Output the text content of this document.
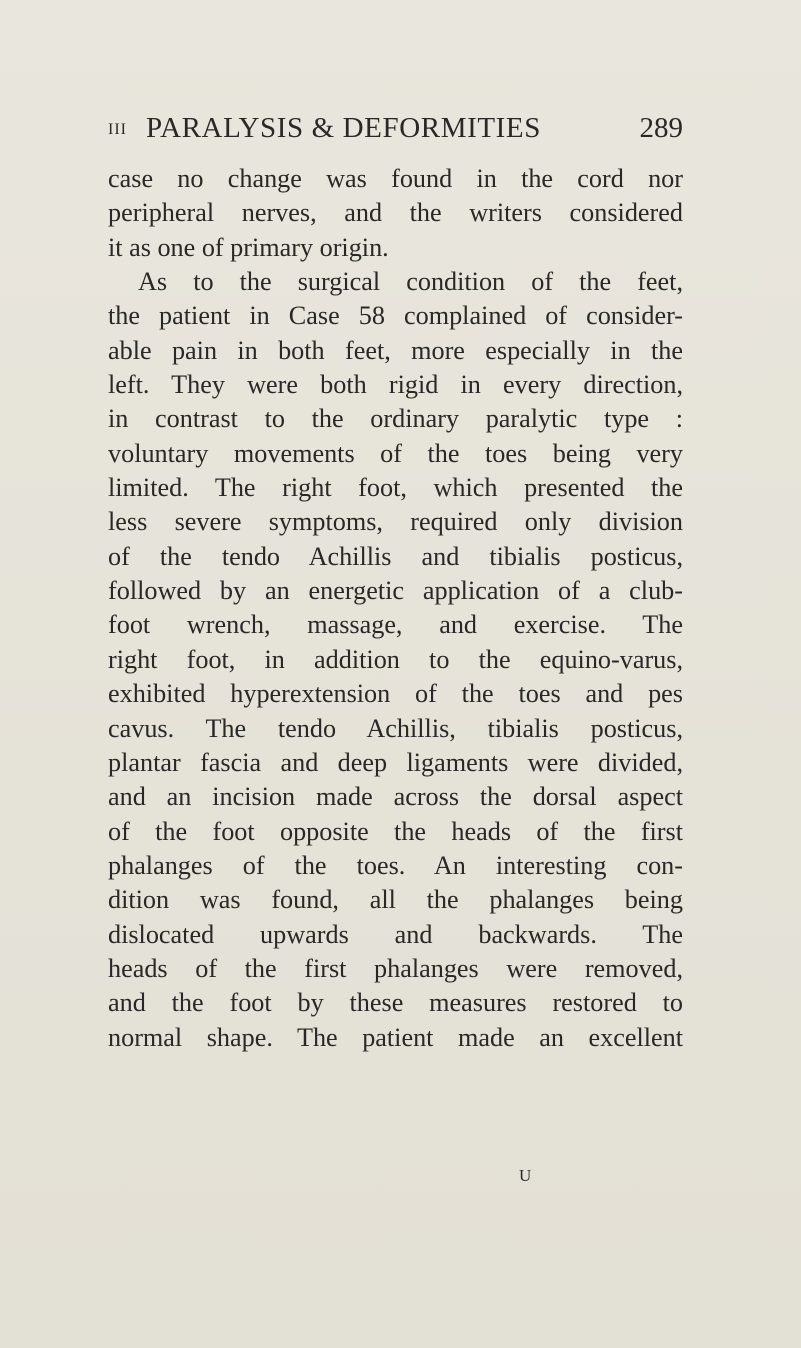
III PARALYSIS & DEFORMITIES	289
case no change was found in the cord nor
peripheral nerves, and the writers considered
it as one of primary origin.
As to the surgical condition of the feet,
the patient in Case 58 complained of consider-
able pain in both feet, more especially in the
left. They were both rigid in every direction,
in contrast to the ordinary paralytic type :
voluntary movements of the toes being very
limited. The right foot, which presented the
less severe symptoms, required only division
of the tendo Achillis and tibialis posticus,
followed by an energetic application of a club-
foot wrench, massage, and exercise. The
right foot, in addition to the equino-varus,
exhibited hyperextension of the toes and pes
cavus. The tendo Achillis, tibialis posticus,
plantar fascia and deep ligaments were divided,
and an incision made across the dorsal aspect
of the foot opposite the heads of the first
phalanges of the toes. An interesting con-
dition was found, all the phalanges being
dislocated upwards and backwards. The
heads of the first phalanges were removed,
and the foot by these measures restored to
normal shape. The patient made an excellent
U
